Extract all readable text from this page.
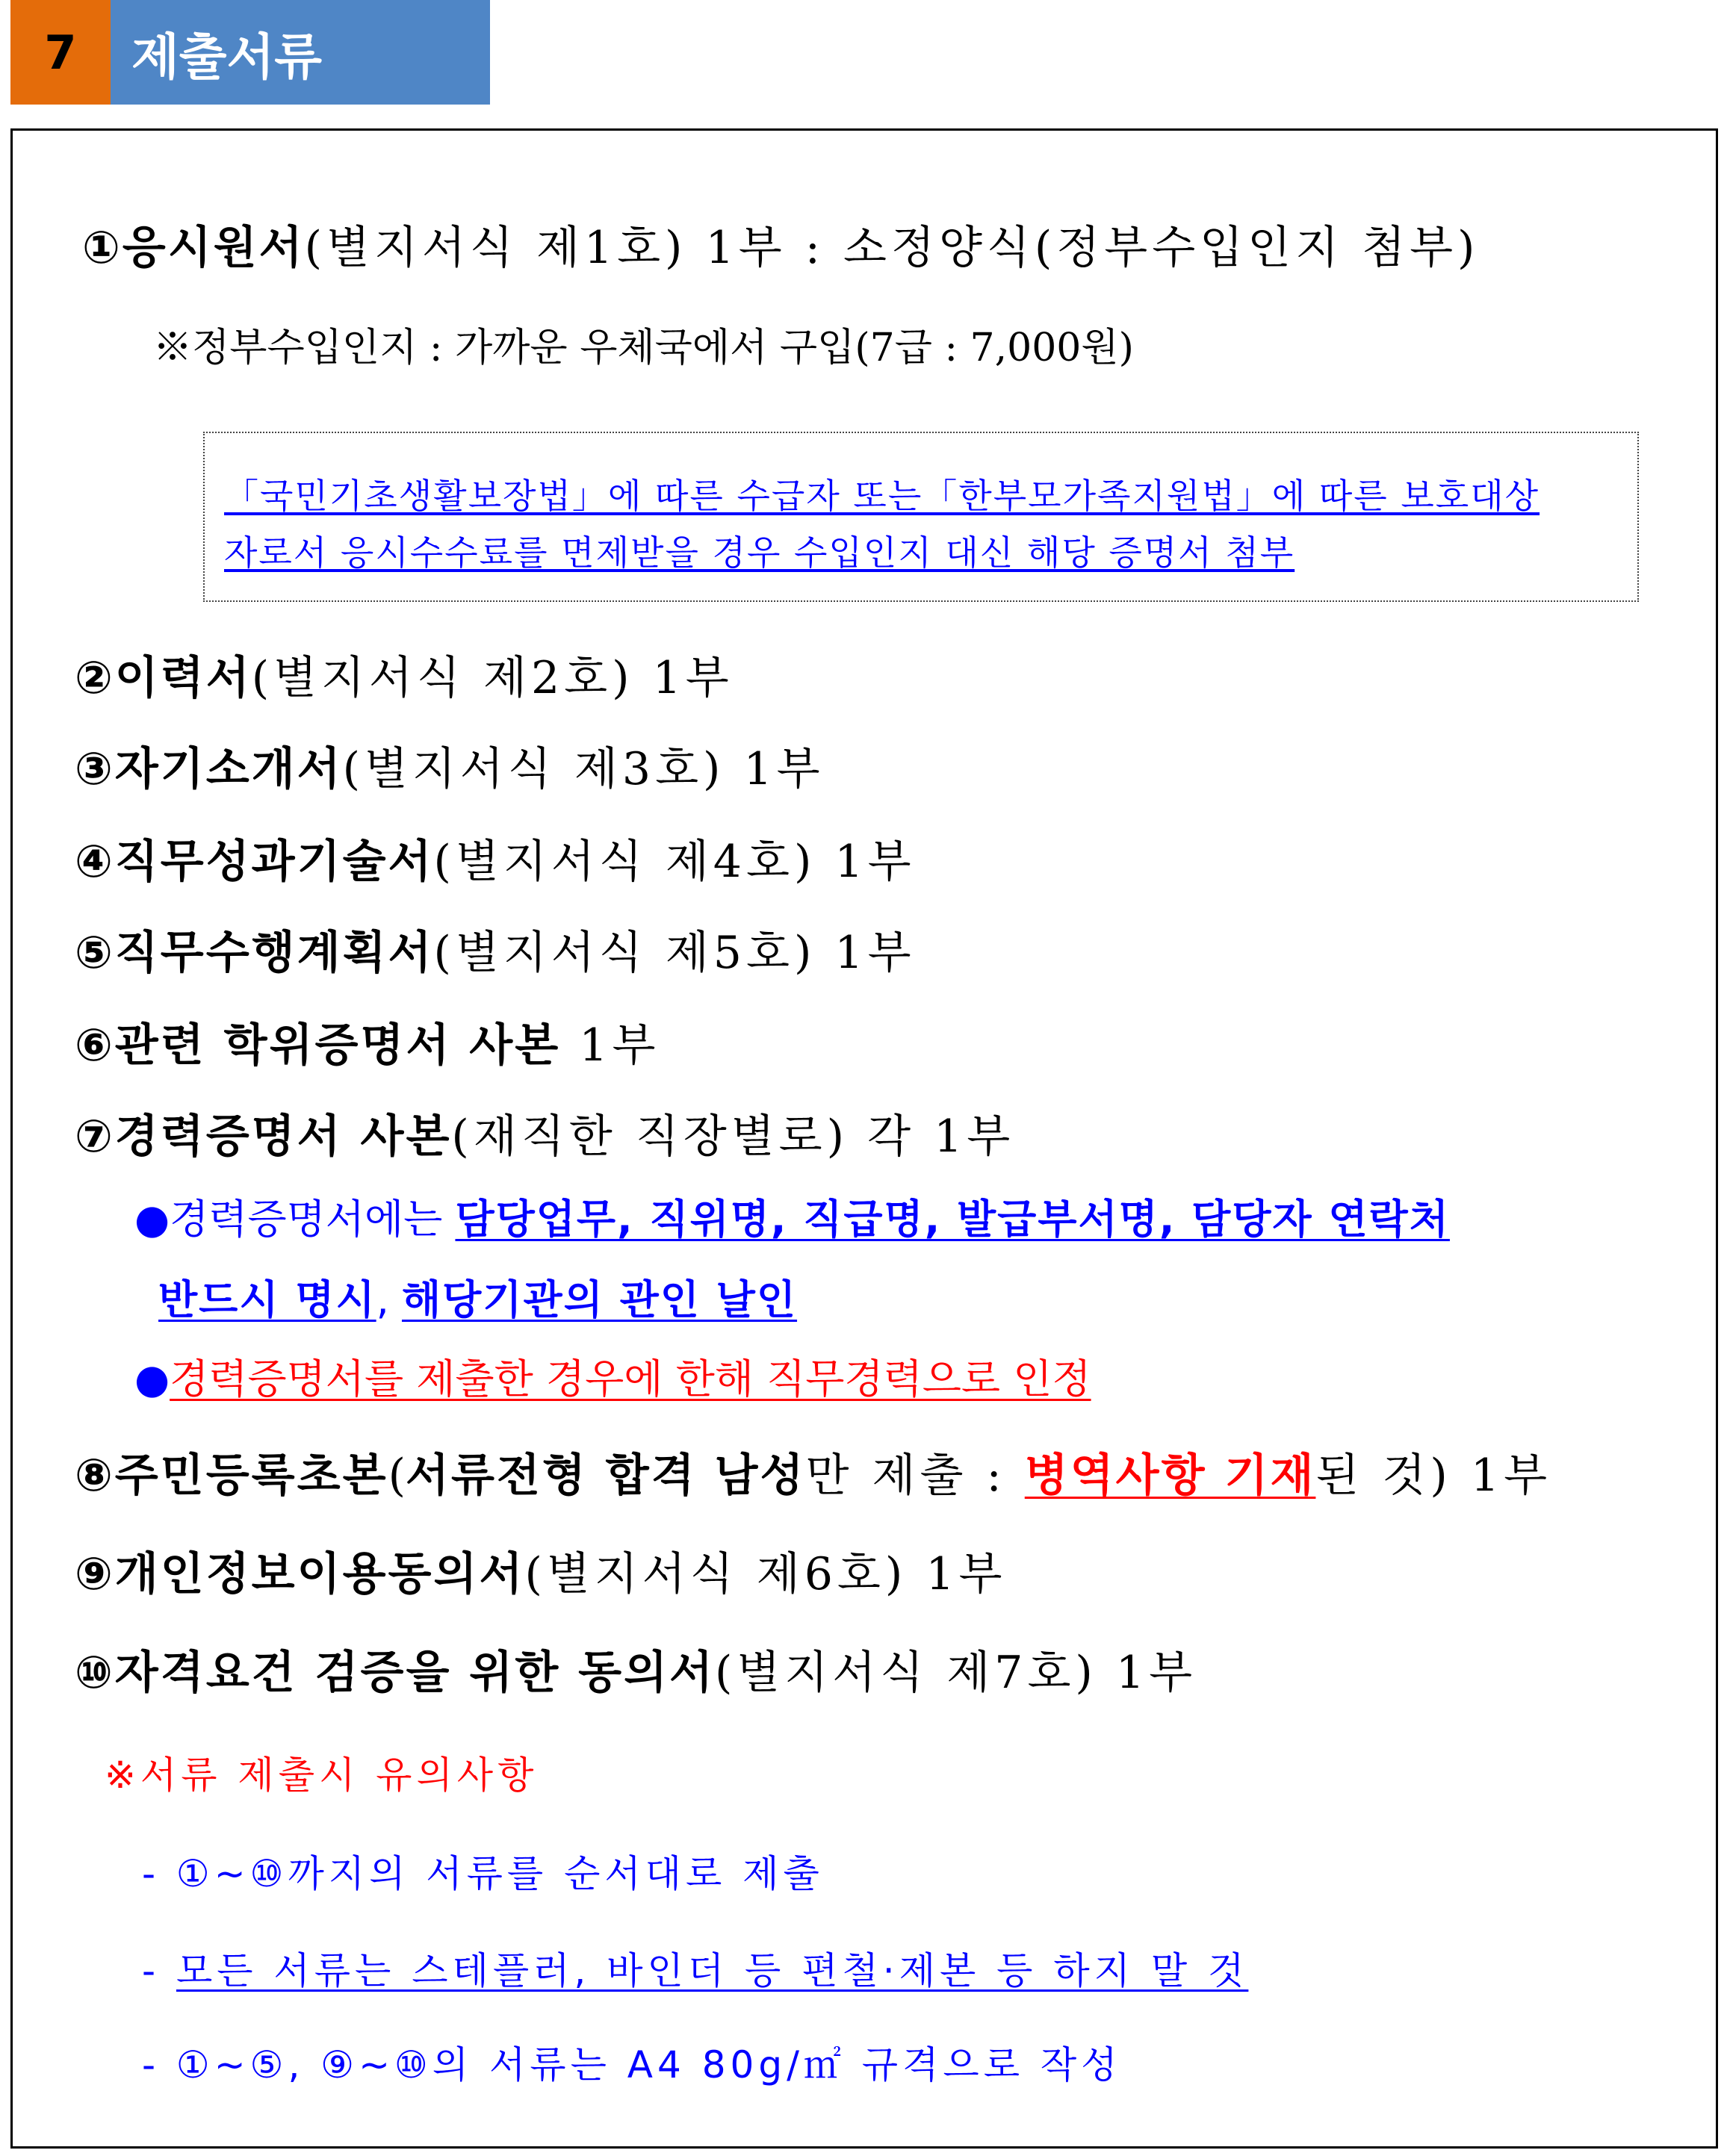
7	제출서류
①응시원서(별지서식 제1호) 1부 : 소정양식(정부수입인지 첨부)
※정부수입인지 : 가까운 우체국에서 구입(7급 : 7,000원)
「국민기초생활보장법」에 따른 수급자 또는「한부모가족지원법」에 따른 보호대상
자로서 응시수수료를 면제받을 경우 수입인지 대신 해당 증명서 첨부
②이력서(별지서식 제2호) 1부
③자기소개서(별지서식 제3호) 1부
④직무성과기술서(별지서식 제4호) 1부
⑤직무수행계획서(별지서식 제5호) 1부
⑥관련 학위증명서 사본 1부
⑦경력증명서 사본(재직한 직장별로) 각 1부
●경력증명서에는 담당업무, 직위명, 직급명, 발급부서명, 담당자 연락처
반드시 명시, 해당기관의 관인 날인
●경력증명서를 제출한 경우에 한해 직무경력으로 인정
⑧주민등록초본(서류전형 합격 남성만 제출 : 병역사항 기재된 것) 1부
⑨개인정보이용동의서(별지서식 제6호) 1부
⑩자격요건 검증을 위한 동의서(별지서식 제7호) 1부
※서류 제출시 유의사항
- ①~⑩까지의 서류를 순서대로 제출
- 모든 서류는 스테플러, 바인더 등 편철·제본 등 하지 말 것
- ①~⑤, ⑨~⑩의 서류는 A4 80g/㎡ 규격으로 작성
